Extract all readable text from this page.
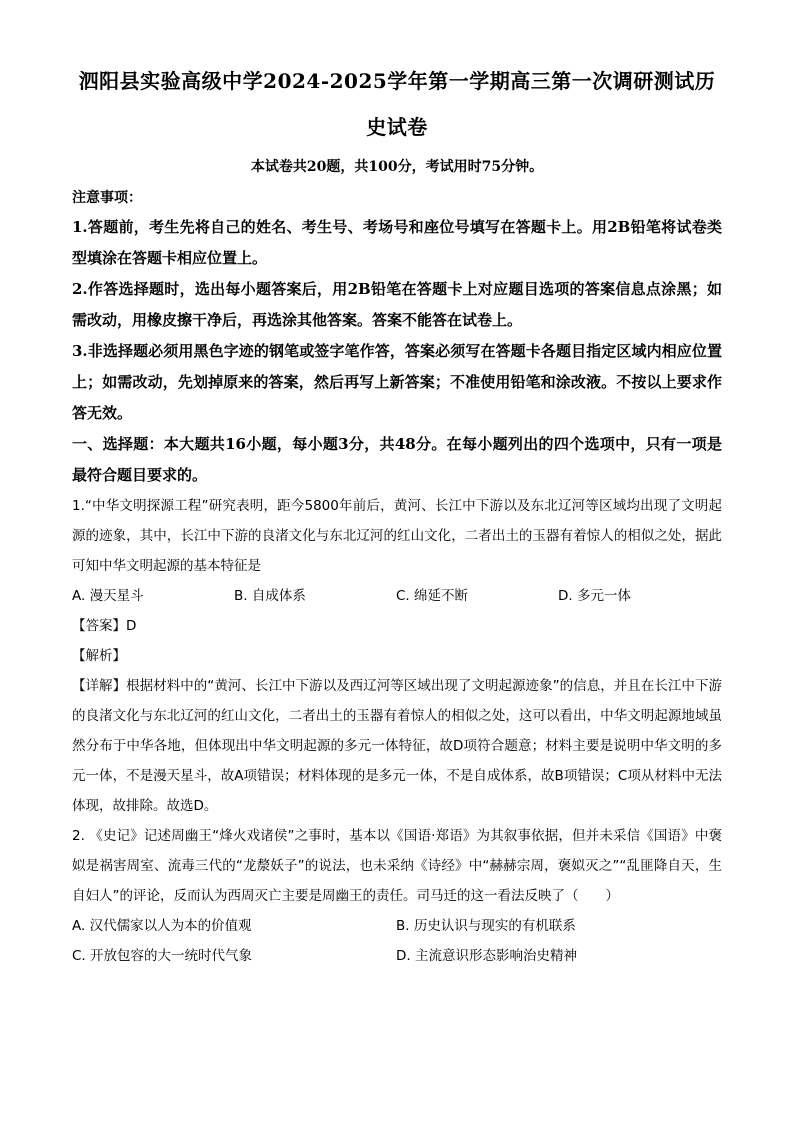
泗阳县实验高级中学2024-2025学年第一学期高三第一次调研测试历史试卷

本试卷共20题，共100分，考试用时75分钟。

注意事项：

1.答题前，考生先将自己的姓名、考生号、考场号和座位号填写在答题卡上。用2B铅笔将试卷类型填涂在答题卡相应位置上。

2.作答选择题时，选出每小题答案后，用2B铅笔在答题卡上对应题目选项的答案信息点涂黑；如需改动，用橡皮擦干净后，再选涂其他答案。答案不能答在试卷上。

3.非选择题必须用黑色字迹的钢笔或签字笔作答，答案必须写在答题卡各题目指定区域内相应位置上；如需改动，先划掉原来的答案，然后再写上新答案；不准使用铅笔和涂改液。不按以上要求作答无效。

一、选择题：本大题共16小题，每小题3分，共48分。在每小题列出的四个选项中，只有一项是最符合题目要求的。

1.“中华文明探源工程”研究表明，距今5800年前后，黄河、长江中下游以及东北辽河等区域均出现了文明起源的迹象，其中，长江中下游的良渚文化与东北辽河的红山文化，二者出土的玉器有着惊人的相似之处，据此可知中华文明起源的基本特征是

A. 漫天星斗	B. 自成体系	C. 绵延不断	D. 多元一体

【答案】D

【解析】

【详解】根据材料中的“黄河、长江中下游以及西辽河等区域出现了文明起源迹象”的信息，并且在长江中下游的良渚文化与东北辽河的红山文化，二者出土的玉器有着惊人的相似之处，这可以看出，中华文明起源地域虽然分布于中华各地，但体现出中华文明起源的多元一体特征，故D项符合题意；材料主要是说明中华文明的多元一体，不是漫天星斗，故A项错误；材料体现的是多元一体，不是自成体系，故B项错误；C项从材料中无法体现，故排除。故选D。

2. 《史记》记述周幽王“烽火戏诸侯”之事时，基本以《国语·郑语》为其叙事依据，但并未采信《国语》中褒姒是祸害周室、流毒三代的“龙漦妖子”的说法，也未采纳《诗经》中“赫赫宗周，褒姒灭之”“乱匪降自天，生自妇人”的评论，反而认为西周灭亡主要是周幽王的责任。司马迁的这一看法反映了（　　）

A. 汉代儒家以人为本的价值观	B. 历史认识与现实的有机联系
C. 开放包容的大一统时代气象	D. 主流意识形态影响治史精神
